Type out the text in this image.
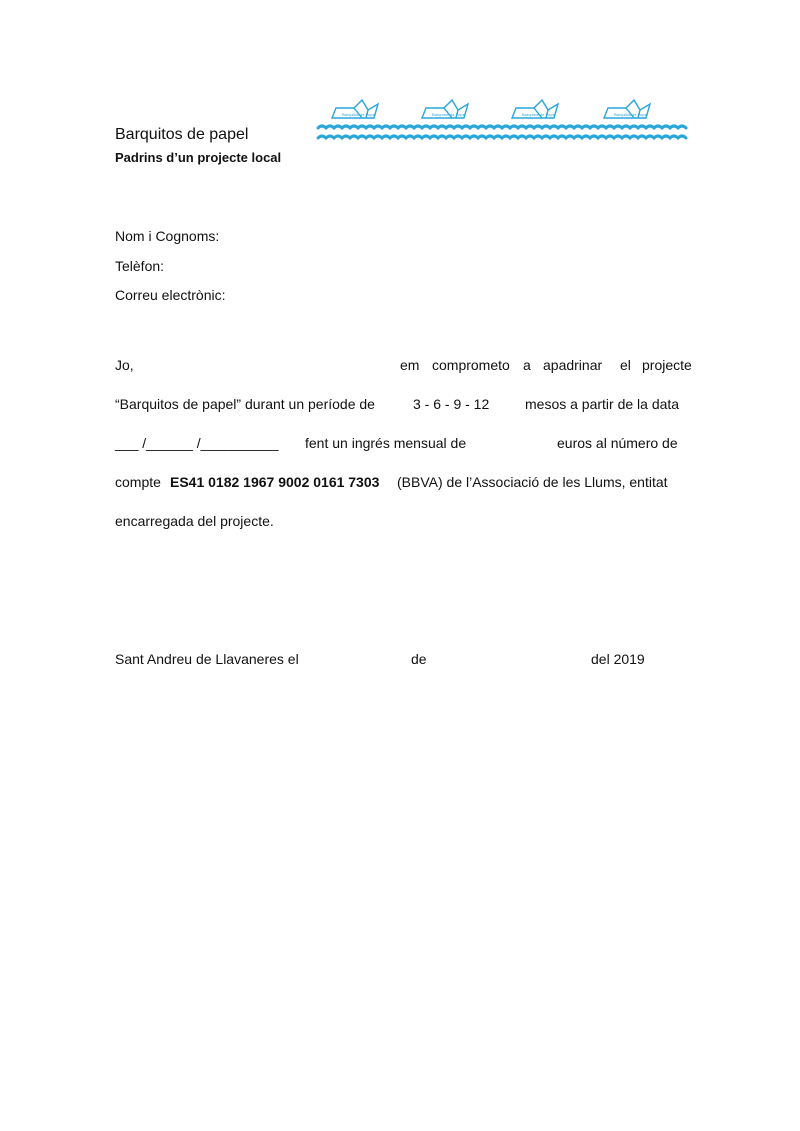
Barquitos de papel
Padrins d’un projecte local
Barquitos de Papel	Barquitos de Papel	Barquitos de Papel	Barquitos de Papel
Nom i Cognoms:
Telèfon:
Correu electrònic:
Jo,	em comprometo a apadrinar el projecte
“Barquitos de papel” durant un període de	3 - 6 - 9 - 12	mesos a partir de la data
___ /______ /__________ fent un ingrés mensual de	euros al número de
compte ES41 0182 1967 9002 0161 7303 (BBVA) de l’Associació de les Llums, entitat
encarregada del projecte.
Sant Andreu de Llavaneres el	de	del 2019
